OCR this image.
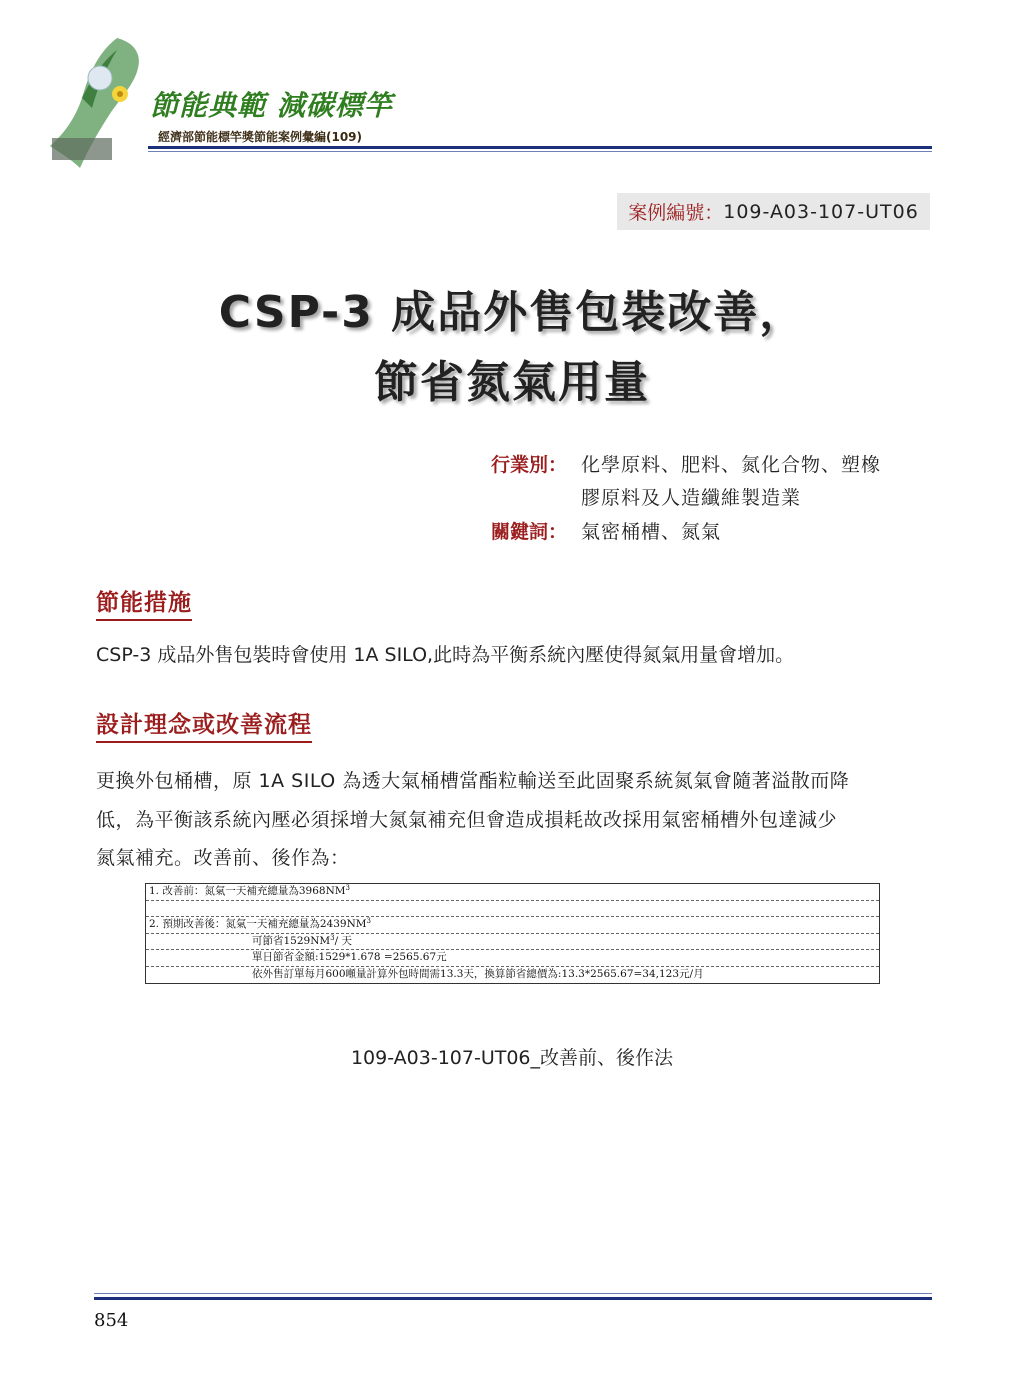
節能典範 減碳標竿
經濟部節能標竿獎節能案例彙編(109)
案例編號： 109-A03-107-UT06
CSP-3 成品外售包裝改善，
節省氮氣用量
行業別： 化學原料、肥料、氮化合物、塑橡
膠原料及人造纖維製造業
關鍵詞： 氣密桶槽、氮氣
節能措施
CSP-3 成品外售包裝時會使用 1A SILO,此時為平衡系統內壓使得氮氣用量會增加。
設計理念或改善流程
更換外包桶槽，原 1A SILO 為透大氣桶槽當酯粒輸送至此固聚系統氮氣會隨著溢散而降
低，為平衡該系統內壓必須採增大氮氣補充但會造成損耗故改採用氣密桶槽外包達減少
氮氣補充。改善前、後作為：
1. 改善前：氮氣一天補充總量為$3968NM^3$
2. 預期改善後：氮氣一天補充總量為$2439NM^3$
可節省$1529NM^3/$ 天
單日節省金額:1529*1.678 =2565.67元
依外售訂單每月600噸量計算外包時間需13.3天，換算節省總價為:13.3*2565.67=34,123元/月
109-A03-107-UT06_改善前、後作法
854
